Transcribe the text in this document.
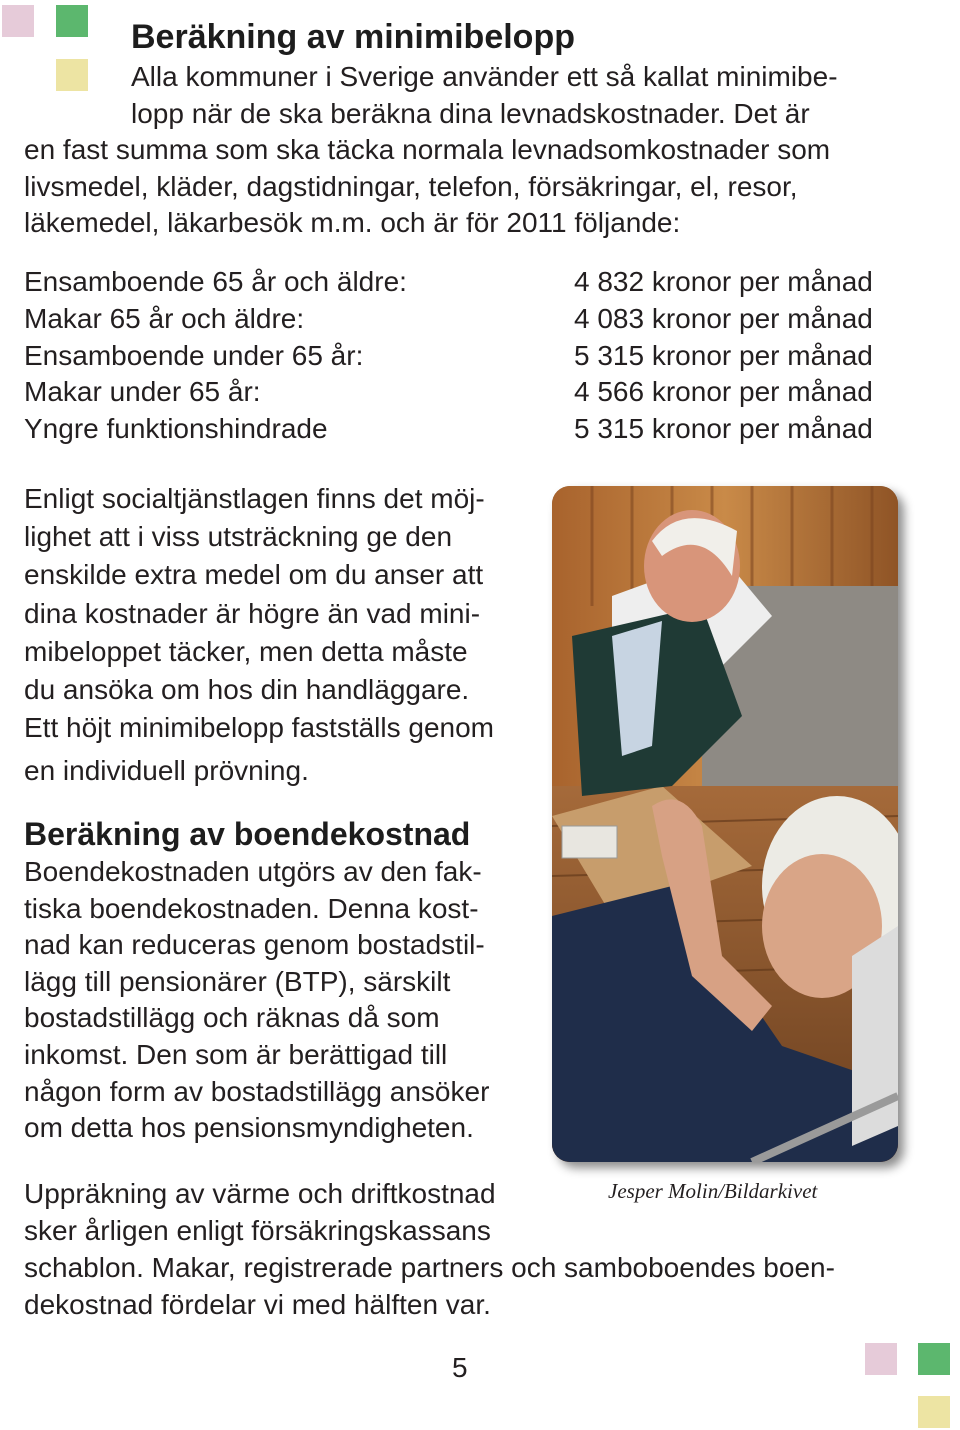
Beräkning av minimibelopp
Alla kommuner i Sverige använder ett så kallat minimibe-
lopp när de ska beräkna dina levnadskostnader. Det är
en fast summa som ska täcka normala levnadsomkostnader som
livsmedel, kläder, dagstidningar, telefon, försäkringar, el, resor,
läkemedel, läkarbesök m.m. och är för 2011 följande:
Ensamboende 65 år och äldre:	4 832 kronor per månad
Makar 65 år och äldre:	4 083 kronor per månad
Ensamboende under 65 år:	5 315 kronor per månad
Makar under 65 år:	4 566 kronor per månad
Yngre funktionshindrade	5 315 kronor per månad
Enligt socialtjänstlagen finns det möj-
lighet att i viss utsträckning ge den
enskilde extra medel om du anser att
dina kostnader är högre än vad mini-
mibeloppet täcker, men detta måste
du ansöka om hos din handläggare.
Ett höjt minimibelopp fastställs genom
en individuell prövning.
Beräkning av boendekostnad
Boendekostnaden utgörs av den fak-
tiska boendekostnaden. Denna kost-
nad kan reduceras genom bostadstil-
lägg till pensionärer (BTP), särskilt
bostadstillägg och räknas då som
inkomst. Den som är berättigad till
någon form av bostadstillägg ansöker
om detta hos pensionsmyndigheten.

Jesper Molin/Bildarkivet

Uppräkning av värme och driftkostnad
sker årligen enligt försäkringskassans
schablon. Makar, registrerade partners och samboboendes boen-
dekostnad fördelar vi med hälften var.

5
